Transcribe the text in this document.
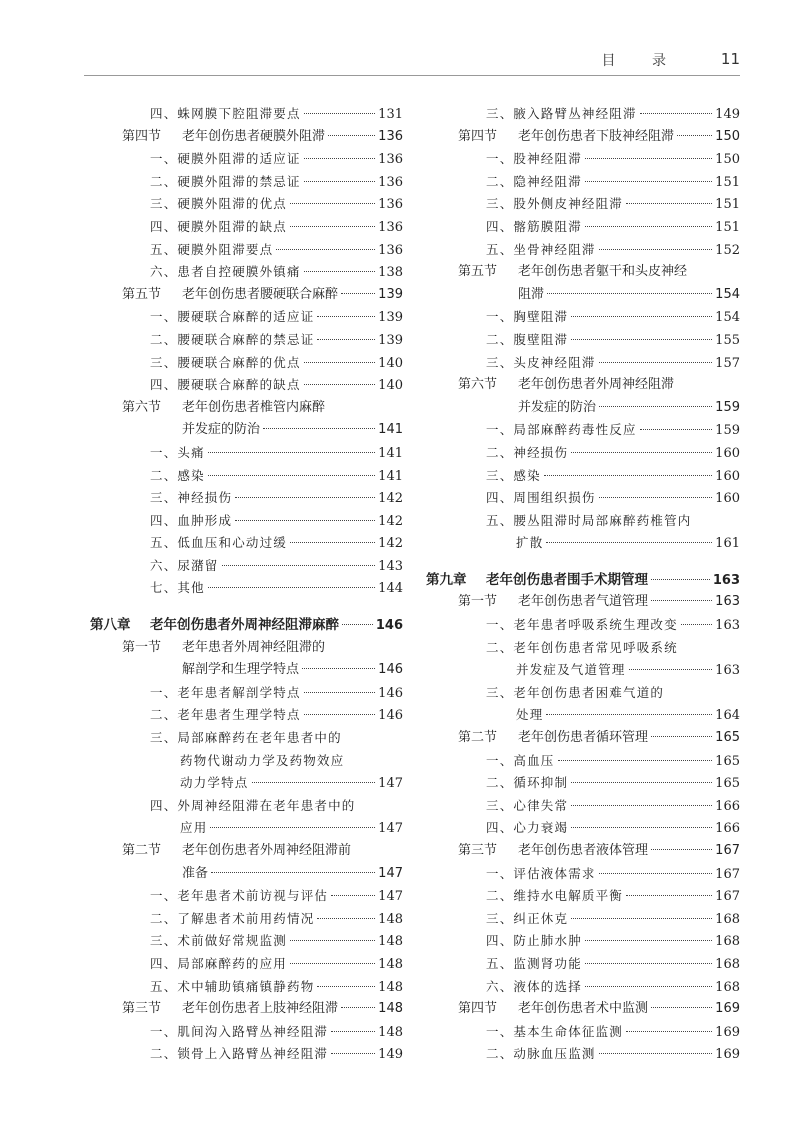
目 录	11
四、蛛网膜下腔阻滞要点	131
第四节	老年创伤患者硬膜外阻滞	136
一、硬膜外阻滞的适应证	136
二、硬膜外阻滞的禁忌证	136
三、硬膜外阻滞的优点	136
四、硬膜外阻滞的缺点	136
五、硬膜外阻滞要点	136
六、患者自控硬膜外镇痛	138
第五节	老年创伤患者腰硬联合麻醉	139
一、腰硬联合麻醉的适应证	139
二、腰硬联合麻醉的禁忌证	139
三、腰硬联合麻醉的优点	140
四、腰硬联合麻醉的缺点	140
第六节	老年创伤患者椎管内麻醉
并发症的防治	141
一、头痛	141
二、感染	141
三、神经损伤	142
四、血肿形成	142
五、低血压和心动过缓	142
六、尿潴留	143
七、其他	144
第八章	老年创伤患者外周神经阻滞麻醉	146
第一节	老年患者外周神经阻滞的
解剖学和生理学特点	146
一、老年患者解剖学特点	146
二、老年患者生理学特点	146
三、局部麻醉药在老年患者中的
药物代谢动力学及药物效应
动力学特点	147
四、外周神经阻滞在老年患者中的
应用	147
第二节	老年创伤患者外周神经阻滞前
准备	147
一、老年患者术前访视与评估	147
二、了解患者术前用药情况	148
三、术前做好常规监测	148
四、局部麻醉药的应用	148
五、术中辅助镇痛镇静药物	148
第三节	老年创伤患者上肢神经阻滞	148
一、肌间沟入路臂丛神经阻滞	148
二、锁骨上入路臂丛神经阻滞	149
三、腋入路臂丛神经阻滞	149
第四节	老年创伤患者下肢神经阻滞	150
一、股神经阻滞	150
二、隐神经阻滞	151
三、股外侧皮神经阻滞	151
四、髂筋膜阻滞	151
五、坐骨神经阻滞	152
第五节	老年创伤患者躯干和头皮神经
阻滞	154
一、胸壁阻滞	154
二、腹壁阻滞	155
三、头皮神经阻滞	157
第六节	老年创伤患者外周神经阻滞
并发症的防治	159
一、局部麻醉药毒性反应	159
二、神经损伤	160
三、感染	160
四、周围组织损伤	160
五、腰丛阻滞时局部麻醉药椎管内
扩散	161
第九章	老年创伤患者围手术期管理	163
第一节	老年创伤患者气道管理	163
一、老年患者呼吸系统生理改变	163
二、老年创伤患者常见呼吸系统
并发症及气道管理	163
三、老年创伤患者困难气道的
处理	164
第二节	老年创伤患者循环管理	165
一、高血压	165
二、循环抑制	165
三、心律失常	166
四、心力衰竭	166
第三节	老年创伤患者液体管理	167
一、评估液体需求	167
二、维持水电解质平衡	167
三、纠正休克	168
四、防止肺水肿	168
五、监测肾功能	168
六、液体的选择	168
第四节	老年创伤患者术中监测	169
一、基本生命体征监测	169
二、动脉血压监测	169
